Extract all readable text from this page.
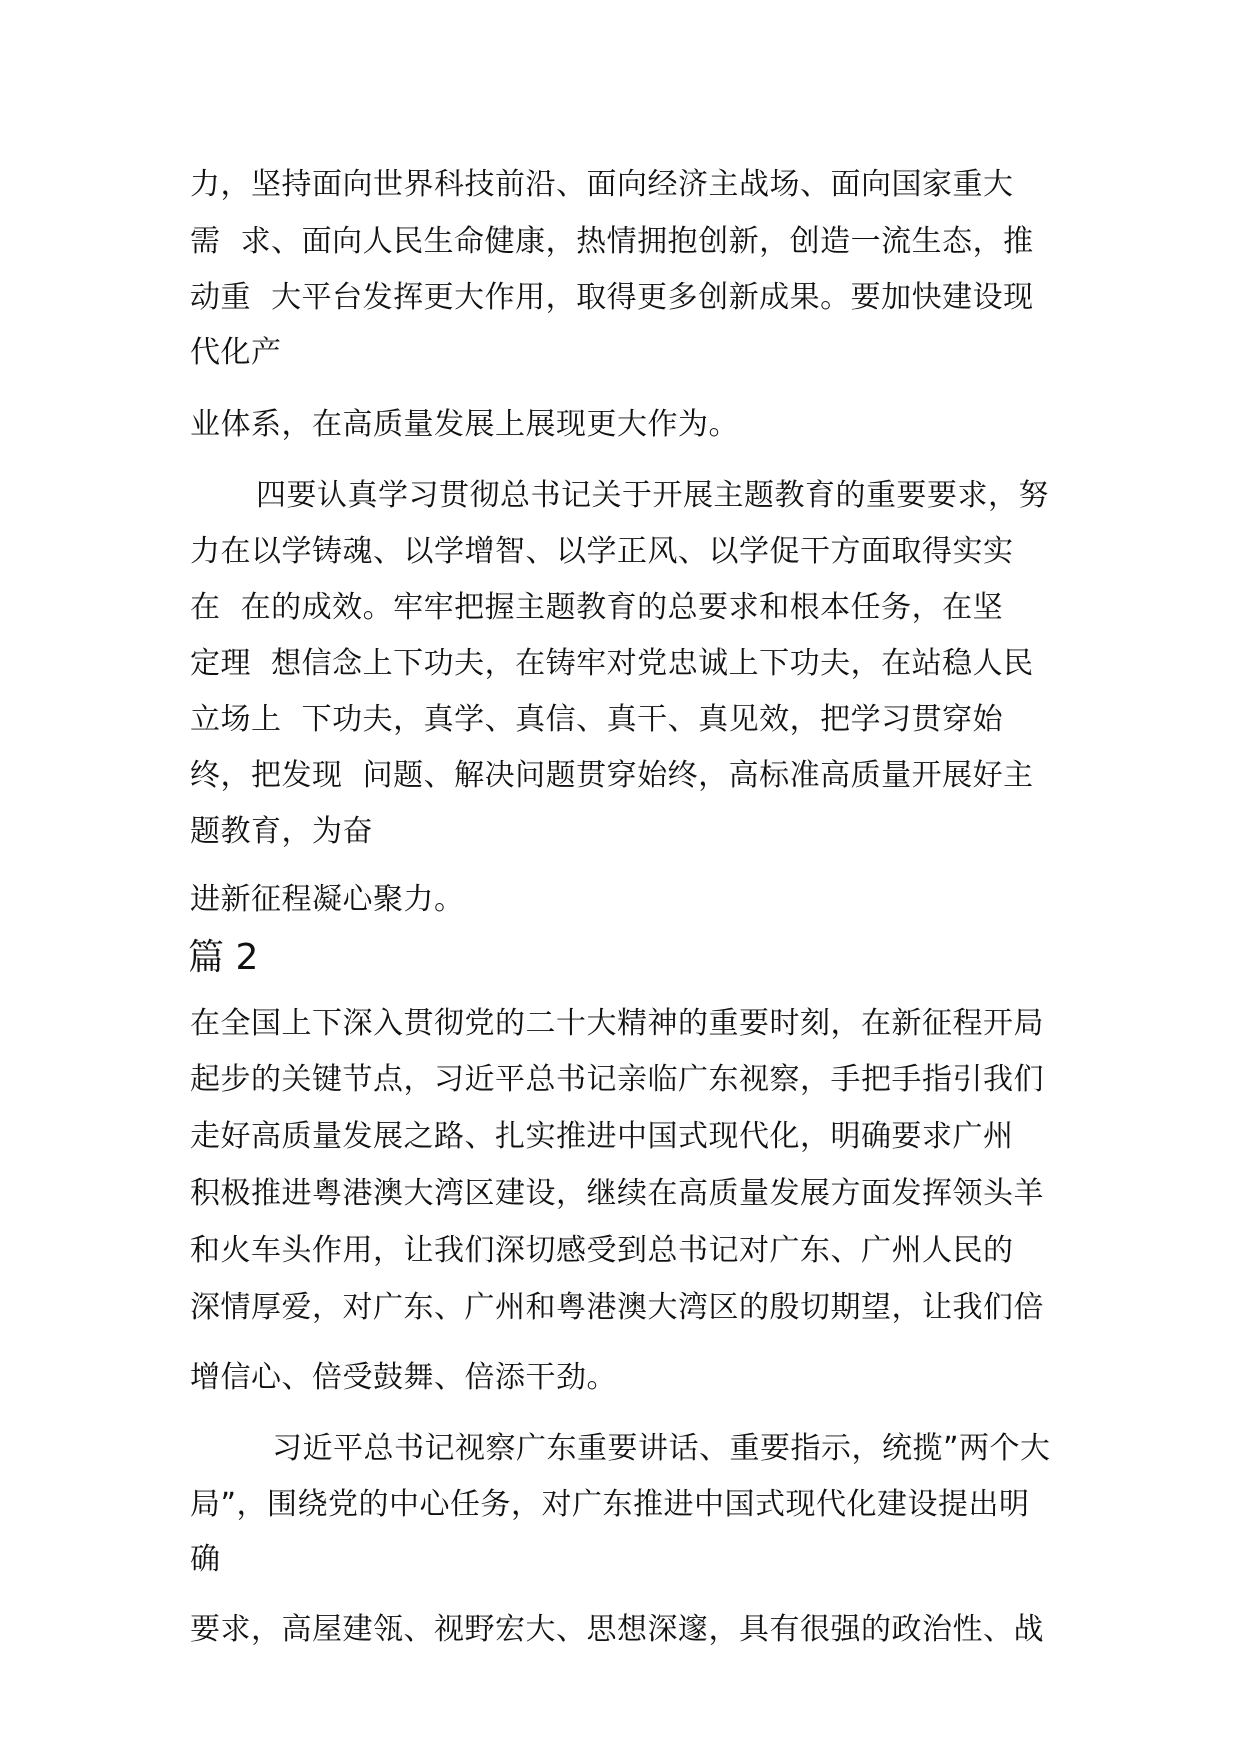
力，坚持面向世界科技前沿、面向经济主战场、面向国家重大
需  求、面向人民生命健康，热情拥抱创新，创造一流生态，推
动重  大平台发挥更大作用，取得更多创新成果。要加快建设现
代化产
业体系，在高质量发展上展现更大作为。
四要认真学习贯彻总书记关于开展主题教育的重要要求，努
力在以学铸魂、以学增智、以学正风、以学促干方面取得实实
在  在的成效。牢牢把握主题教育的总要求和根本任务，在坚
定理  想信念上下功夫，在铸牢对党忠诚上下功夫，在站稳人民
立场上  下功夫，真学、真信、真干、真见效，把学习贯穿始
终，把发现  问题、解决问题贯穿始终，高标准高质量开展好主
题教育，为奋
进新征程凝心聚力。
篇 2
在全国上下深入贯彻党的二十大精神的重要时刻，在新征程开局
起步的关键节点，习近平总书记亲临广东视察，手把手指引我们
走好高质量发展之路、扎实推进中国式现代化，明确要求广州
积极推进粤港澳大湾区建设，继续在高质量发展方面发挥领头羊
和火车头作用，让我们深切感受到总书记对广东、广州人民的
深情厚爱，对广东、广州和粤港澳大湾区的殷切期望，让我们倍
增信心、倍受鼓舞、倍添干劲。
习近平总书记视察广东重要讲话、重要指示，统揽”两个大
局”，围绕党的中心任务，对广东推进中国式现代化建设提出明
确
要求，高屋建瓴、视野宏大、思想深邃，具有很强的政治性、战
